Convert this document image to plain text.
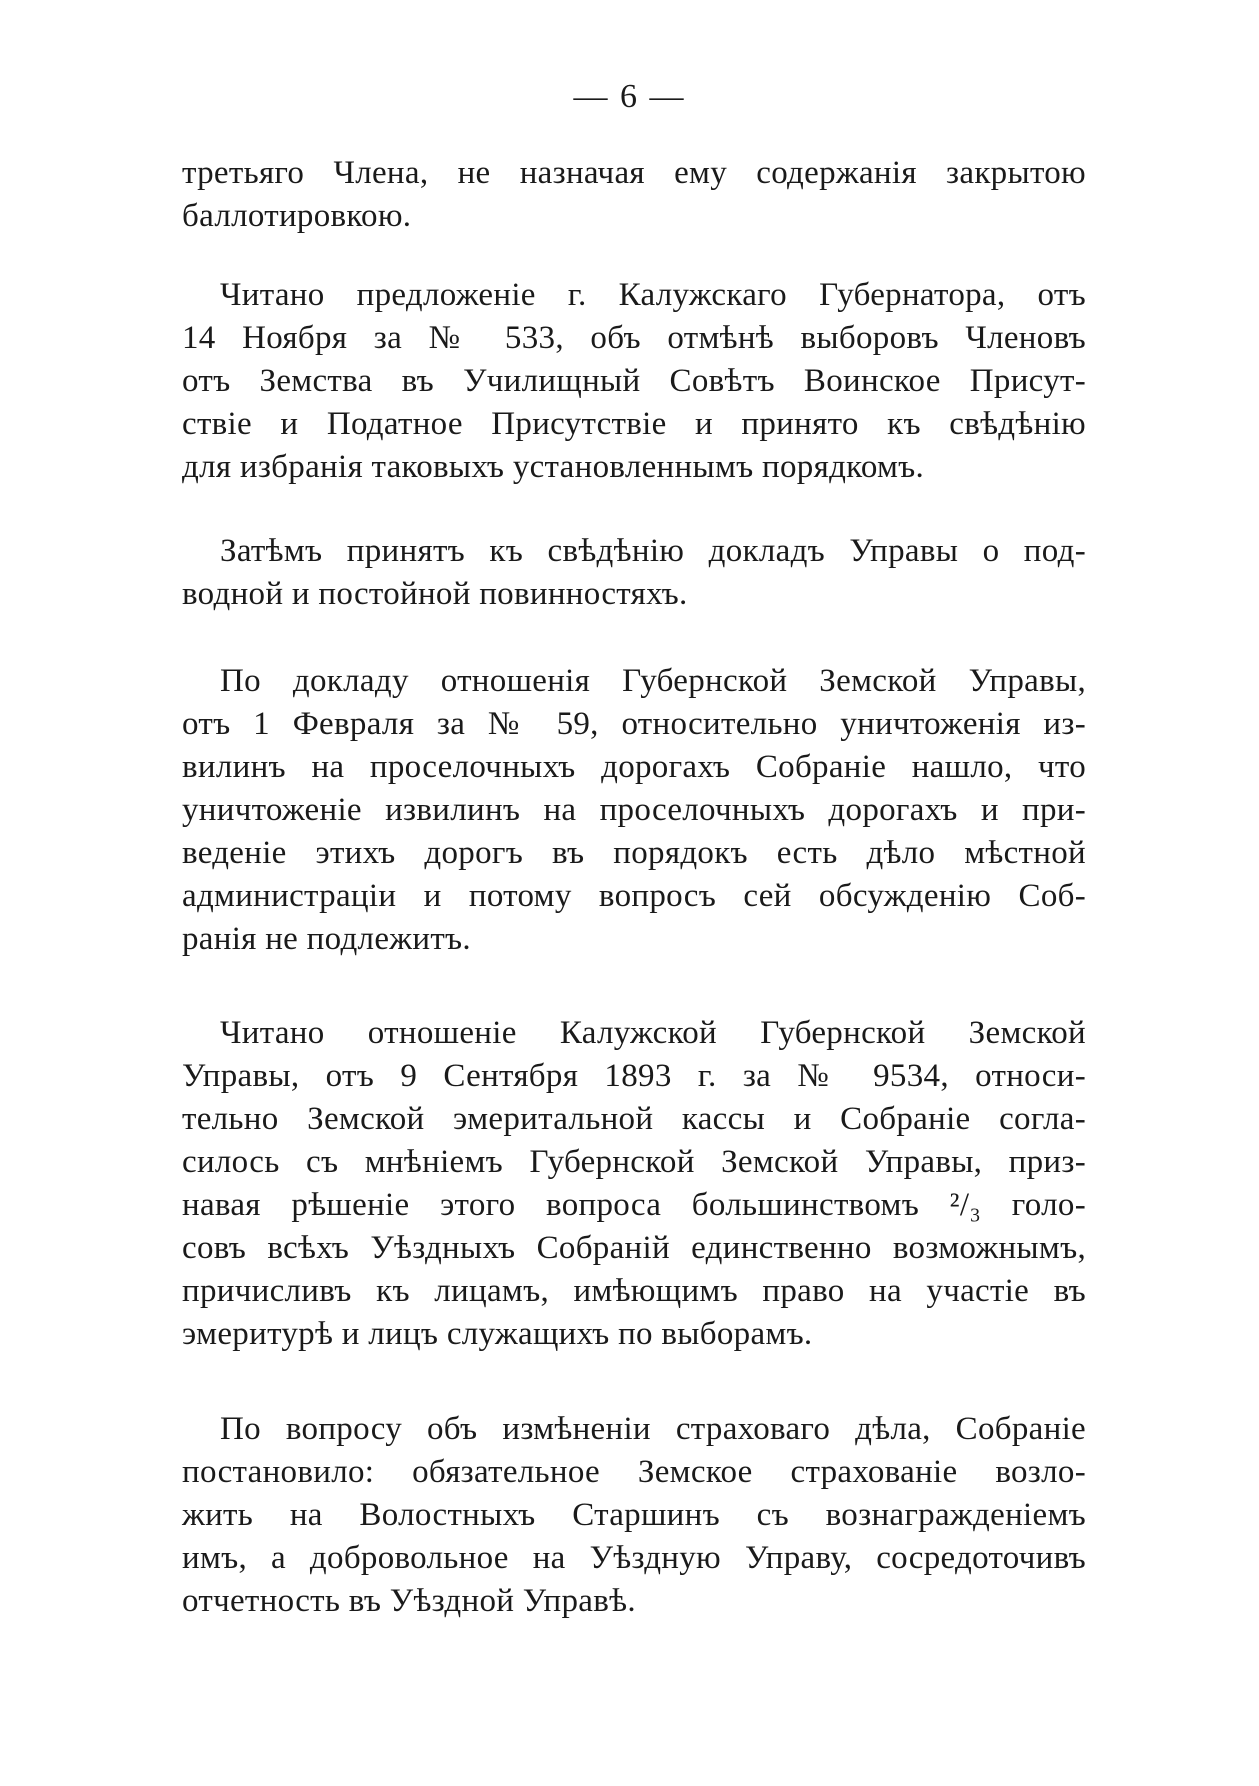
— 6 —
третьяго Члена, не назначая ему содержанія закрытою
баллотировкою.
Читано предложеніе г. Калужскаго Губернатора, отъ
14 Ноября за № 533, объ отмѣнѣ выборовъ Членовъ
отъ Земства въ Училищный Совѣтъ Воинское Присут-
ствіе и Податное Присутствіе и принято къ свѣдѣнію
для избранія таковыхъ установленнымъ порядкомъ.
Затѣмъ принятъ къ свѣдѣнію докладъ Управы о под-
водной и постойной повинностяхъ.
По докладу отношенія Губернской Земской Управы,
отъ 1 Февраля за № 59, относительно уничтоженія из-
вилинъ на проселочныхъ дорогахъ Собраніе нашло, что
уничтоженіе извилинъ на проселочныхъ дорогахъ и при-
веденіе этихъ дорогъ въ порядокъ есть дѣло мѣстной
администраціи и потому вопросъ сей обсужденію Соб-
ранія не подлежитъ.
Читано отношеніе Калужской Губернской Земской
Управы, отъ 9 Сентября 1893 г. за № 9534, относи-
тельно Земской эмеритальной кассы и Собраніе согла-
силось съ мнѣніемъ Губернской Земской Управы, приз-
навая рѣшеніе этого вопроса большинствомъ ²/₃ голо-
совъ всѣхъ Уѣздныхъ Собраній единственно возможнымъ,
причисливъ къ лицамъ, имѣющимъ право на участіе въ
эмеритурѣ и лицъ служащихъ по выборамъ.
По вопросу объ измѣненіи страховаго дѣла, Собраніе
постановило: обязательное Земское страхованіе возло-
жить на Волостныхъ Старшинъ съ вознагражденіемъ
имъ, а добровольное на Уѣздную Управу, сосредоточивъ
отчетность въ Уѣздной Управѣ.
